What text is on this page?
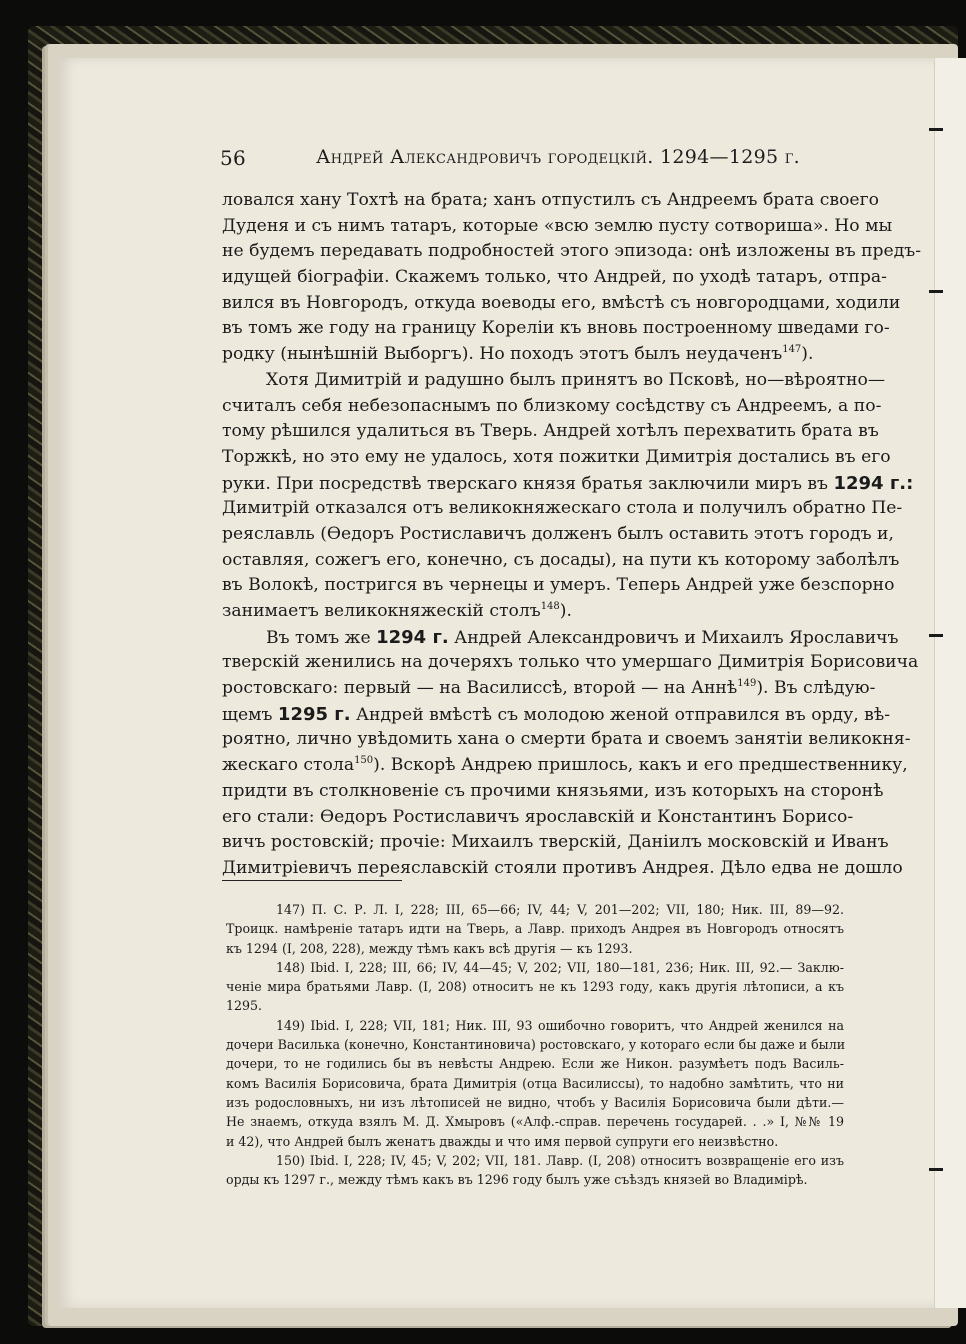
56	Андрей Александровичъ городецкій. 1294—1295 г.
ловался хану Тохтѣ на брата; ханъ отпустилъ съ Андреемъ брата своего
Дуденя и съ нимъ татаръ, которые «всю землю пусту сотвориша». Но мы
не будемъ передавать подробностей этого эпизода: онѣ изложены въ предъ-
идущей біографіи. Скажемъ только, что Андрей, по уходѣ татаръ, отпра-
вился въ Новгородъ, откуда воеводы его, вмѣстѣ съ новгородцами, ходили
въ томъ же году на границу Кореліи къ вновь построенному шведами го-
родку (нынѣшній Выборгъ). Но походъ этотъ былъ неудаченъ$^{147}$).
Хотя Димитрій и радушно былъ принятъ во Псковѣ, но—вѣроятно—
считалъ себя небезопаснымъ по близкому сосѣдству съ Андреемъ, а по-
тому рѣшился удалиться въ Тверь. Андрей хотѣлъ перехватить брата въ
Торжкѣ, но это ему не удалось, хотя пожитки Димитрія достались въ его
руки. При посредствѣ тверскаго князя братья заключили миръ въ 1294 г.:
Димитрій отказался отъ великокняжескаго стола и получилъ обратно Пе-
реяславль (Ѳедоръ Ростиславичъ долженъ былъ оставить этотъ городъ и,
оставляя, сожегъ его, конечно, съ досады), на пути къ которому заболѣлъ
въ Волокѣ, постригся въ чернецы и умеръ. Теперь Андрей уже безспорно
занимаетъ великокняжескій столъ$^{148}$).
Въ томъ же 1294 г. Андрей Александровичъ и Михаилъ Ярославичъ
тверскій женились на дочеряхъ только что умершаго Димитрія Борисовича
ростовскаго: первый — на Василиссѣ, второй — на Аннѣ$^{149}$). Въ слѣдую-
щемъ 1295 г. Андрей вмѣстѣ съ молодою женой отправился въ орду, вѣ-
роятно, лично увѣдомить хана о смерти брата и своемъ занятіи великокня-
жескаго стола$^{150}$). Вскорѣ Андрею пришлось, какъ и его предшественнику,
придти въ столкновеніе съ прочими князьями, изъ которыхъ на сторонѣ
его стали: Ѳедоръ Ростиславичъ ярославскій и Константинъ Борисо-
вичъ ростовскій; прочіе: Михаилъ тверскій, Даніилъ московскій и Иванъ
Димитріевичъ переяславскій стояли противъ Андрея. Дѣло едва не дошло
147) П. С. Р. Л. I, 228; III, 65—66; IV, 44; V, 201—202; VII, 180; Ник. III, 89—92.
Троицк. намѣреніе татаръ идти на Тверь, а Лавр. приходъ Андрея въ Новгородъ относятъ
къ 1294 (I, 208, 228), между тѣмъ какъ всѣ другія — къ 1293.
148) Ibid. I, 228; III, 66; IV, 44—45; V, 202; VII, 180—181, 236; Ник. III, 92.— Заклю-
ченіе мира братьями Лавр. (I, 208) относитъ не къ 1293 году, какъ другія лѣтописи, а къ
1295.
149) Ibid. I, 228; VII, 181; Ник. III, 93 ошибочно говоритъ, что Андрей женился на
дочери Василька (конечно, Константиновича) ростовскаго, у котораго если бы даже и были
дочери, то не годились бы въ невѣсты Андрею. Если же Никон. разумѣетъ подъ Василь-
комъ Василія Борисовича, брата Димитрія (отца Василиссы), то надобно замѣтить, что ни
изъ родословныхъ, ни изъ лѣтописей не видно, чтобъ у Василія Борисовича были дѣти.—
Не знаемъ, откуда взялъ М. Д. Хмыровъ («Алф.-справ. перечень государей. . .» I, №№ 19
и 42), что Андрей былъ женатъ дважды и что имя первой супруги его неизвѣстно.
150) Ibid. I, 228; IV, 45; V, 202; VII, 181. Лавр. (I, 208) относитъ возвращеніе его изъ
орды къ 1297 г., между тѣмъ какъ въ 1296 году былъ уже съѣздъ князей во Владимірѣ.
